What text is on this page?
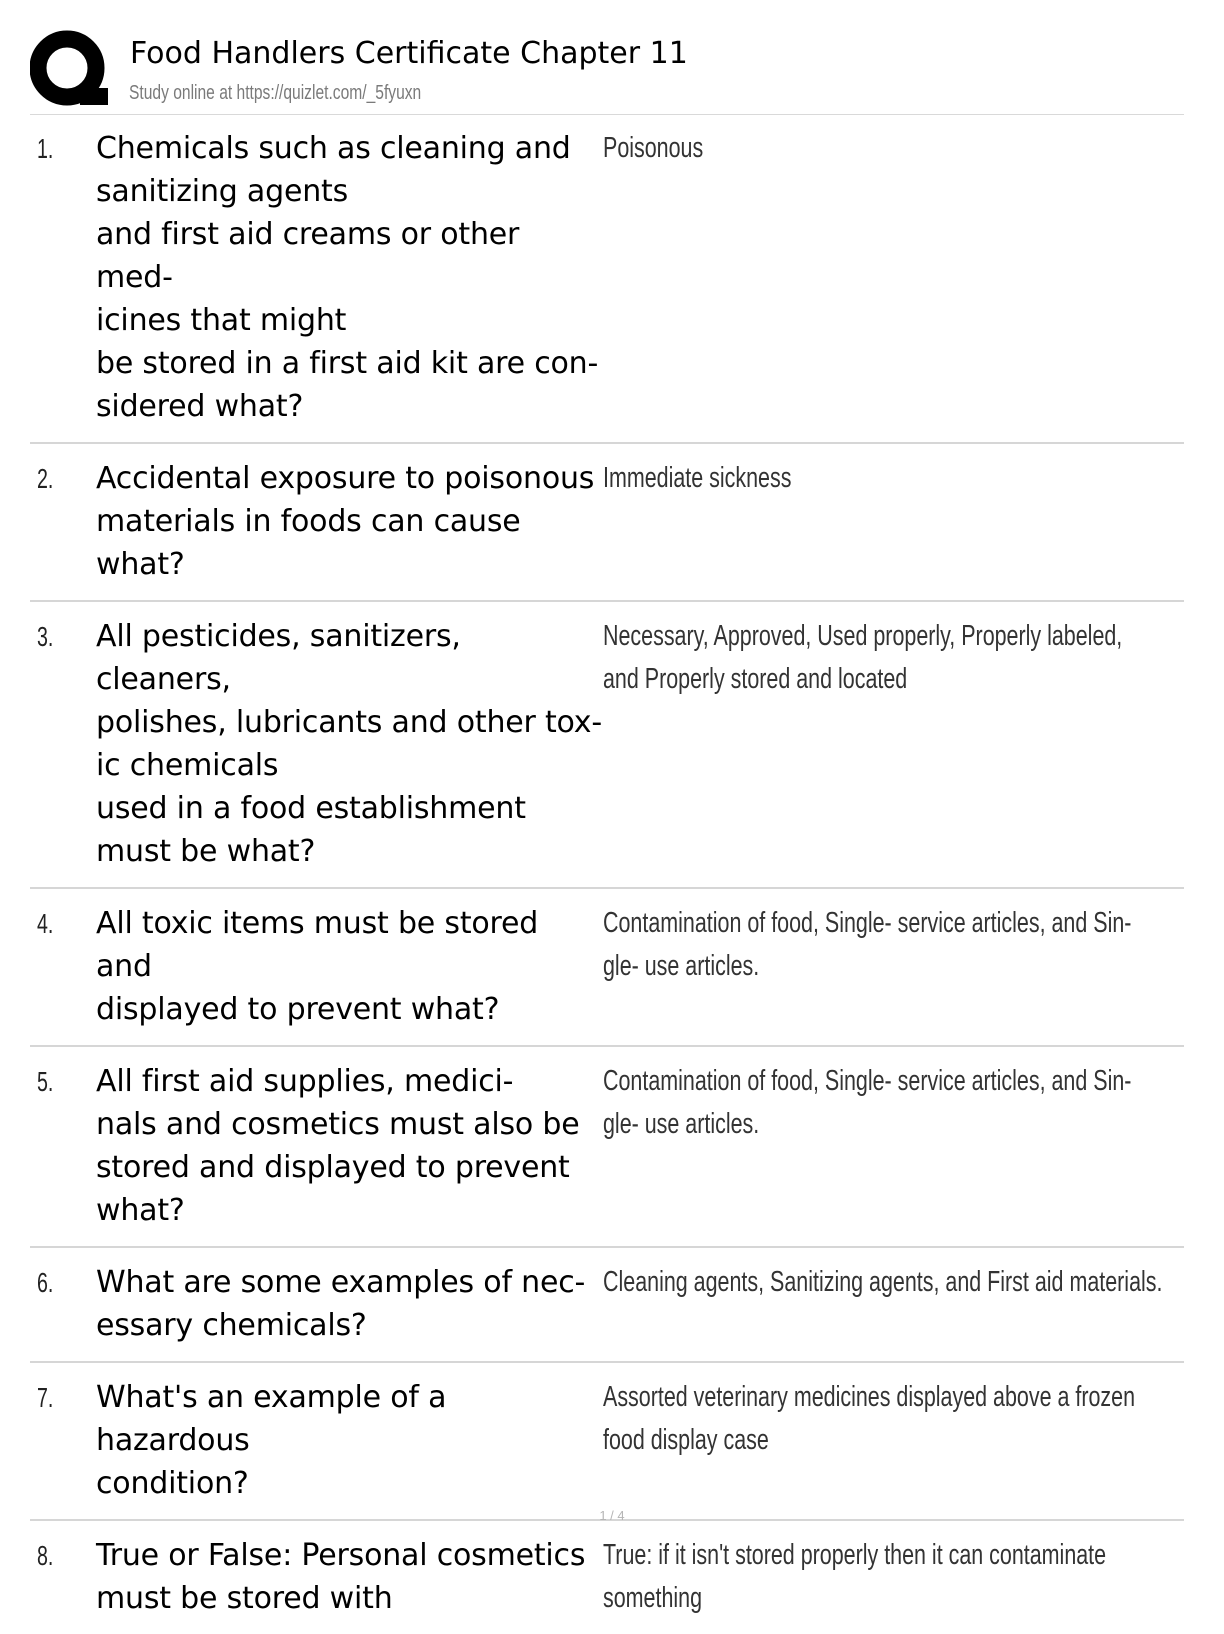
Food Handlers Certificate Chapter 11
Study online at https://quizlet.com/_5fyuxn
1.	Chemicals such as cleaning and
sanitizing agents
and first aid creams or other med-
icines that might
be stored in a first aid kit are con-
sidered what?
Poisonous
2.	Accidental exposure to poisonous
materials in foods can cause
what?
Immediate sickness
3.	All pesticides, sanitizers, cleaners,
polishes, lubricants and other tox-
ic chemicals
used in a food establishment
must be what?
Necessary, Approved, Used properly, Properly labeled,
and Properly stored and located
4.	All toxic items must be stored and
displayed to prevent what?
Contamination of food, Single- service articles, and Sin-
gle- use articles.
5.	All first aid supplies, medici-
nals and cosmetics must also be
stored and displayed to prevent
what?
Contamination of food, Single- service articles, and Sin-
gle- use articles.
6.	What are some examples of nec-
essary chemicals?
Cleaning agents, Sanitizing agents, and First aid materials.
7.	What's an example of a hazardous
condition?
Assorted veterinary medicines displayed above a frozen
food display case
8.	True or False: Personal cosmetics
must be stored with
True: if it isn't stored properly then it can contaminate
something
1 / 4
